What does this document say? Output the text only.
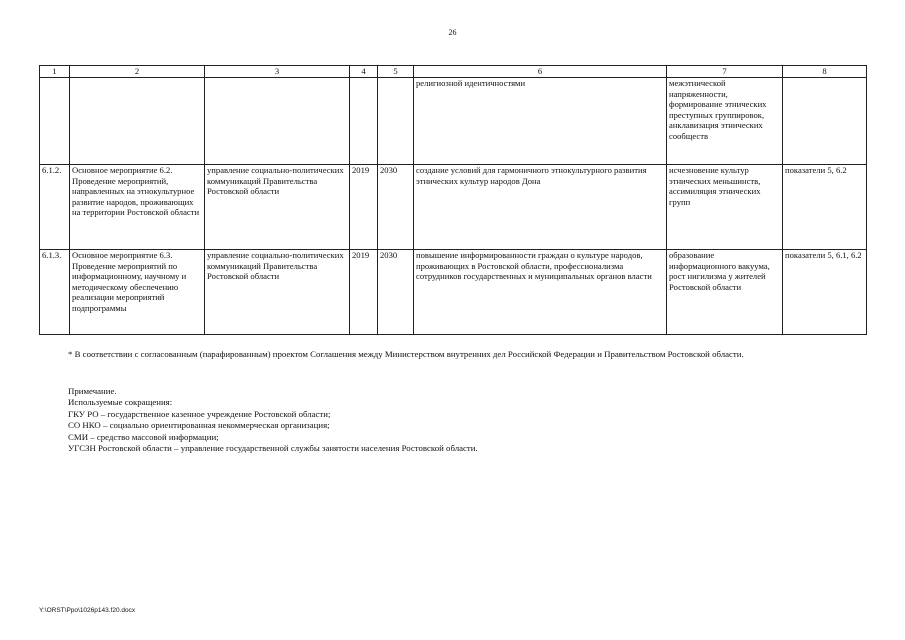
26
1	2	3	4	5	6	7	8
					религиозной идентичностями	межэтнической напряженности, формирование этнических преступных группировок, анклавизация этнических сообществ	
6.1.2.	Основное мероприятие 6.2. Проведение мероприятий, направленных на этнокультурное развитие народов, проживающих на территории Ростовской области	управление социально-политических коммуникаций Правительства Ростовской области	2019	2030	создание условий для гармоничного этнокультурного развития этнических культур народов Дона	исчезновение культур этнических меньшинств, ассимиляция этнических групп	показатели 5, 6.2
6.1.3.	Основное мероприятие 6.3. Проведение мероприятий по информационному, научному и методическому обеспечению реализации мероприятий подпрограммы	управление социально-политических коммуникаций Правительства Ростовской области	2019	2030	повышение информированности граждан о культуре народов, проживающих в Ростовской области, профессионализма сотрудников государственных и муниципальных органов власти	образование информационного вакуума, рост нигилизма у жителей Ростовской области	показатели 5, 6.1, 6.2
* В соответствии с согласованным (парафированным) проектом Соглашения между Министерством внутренних дел Российской Федерации и Правительством Ростовской области.
Примечание.
Используемые сокращения:
ГКУ РО – государственное казенное учреждение Ростовской области;
СО НКО – социально ориентированная некоммерческая организация;
СМИ – средство массовой информации;
УГСЗН Ростовской области – управление государственной службы занятости населения Ростовской области.
Y:\ORST\Ppo\1026p143.f20.docx
